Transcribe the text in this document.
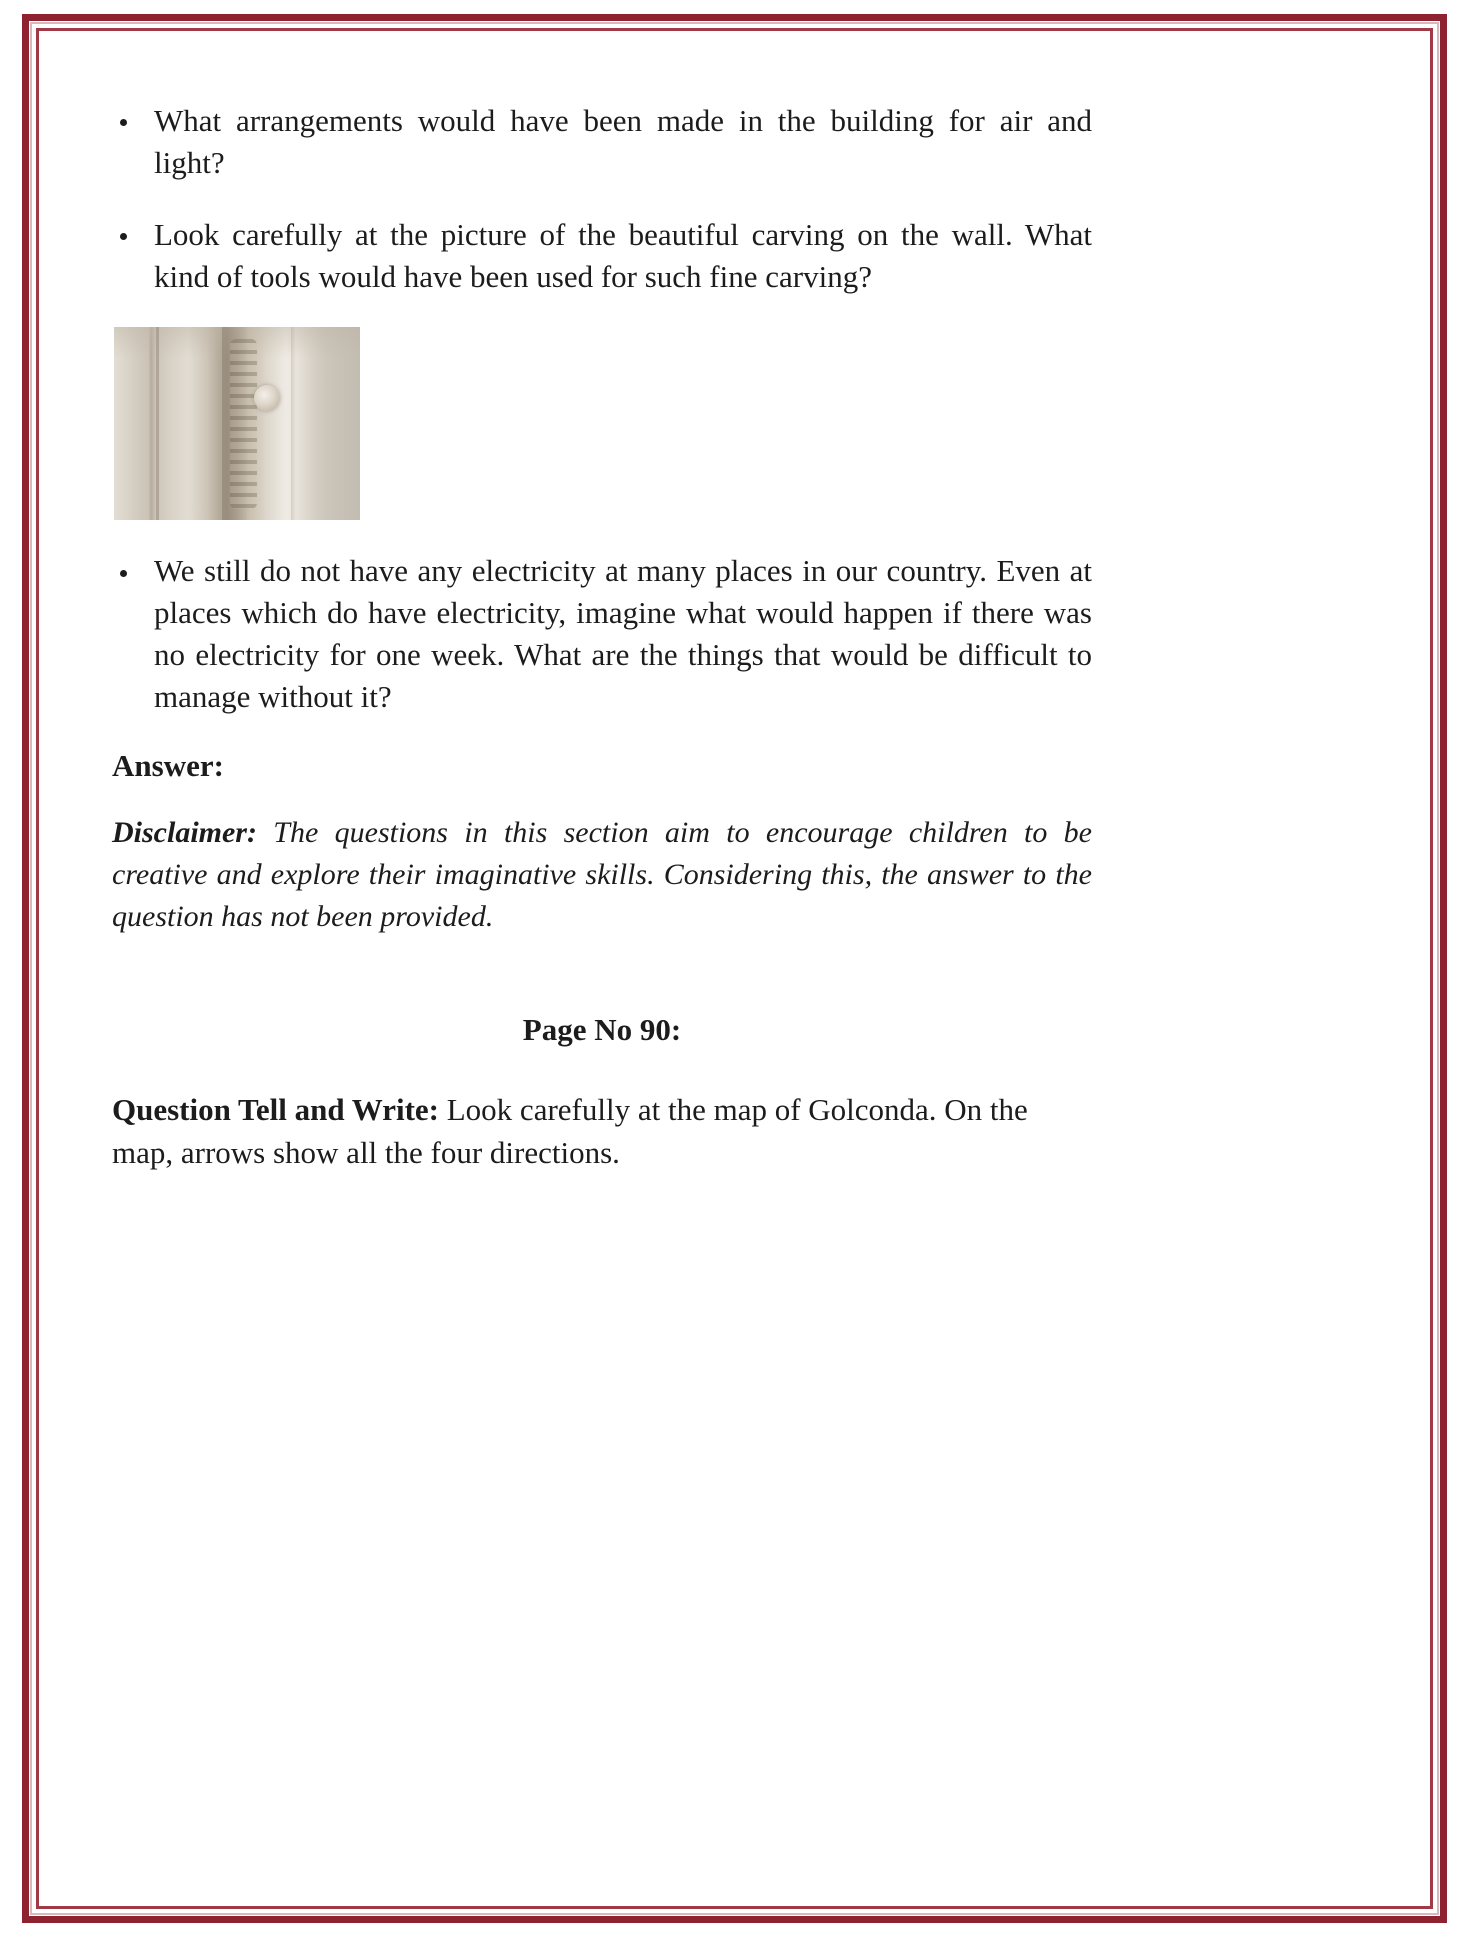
What arrangements would have been made in the building for air and light?
Look carefully at the picture of the beautiful carving on the wall. What kind of tools would have been used for such fine carving?
We still do not have any electricity at many places in our country. Even at places which do have electricity, imagine what would happen if there was no electricity for one week. What are the things that would be difficult to manage without it?
Answer:

Disclaimer: The questions in this section aim to encourage children to be creative and explore their imaginative skills. Considering this, the answer to the question has not been provided.

Page No 90:

Question Tell and Write: Look carefully at the map of Golconda. On the map, arrows show all the four directions.
